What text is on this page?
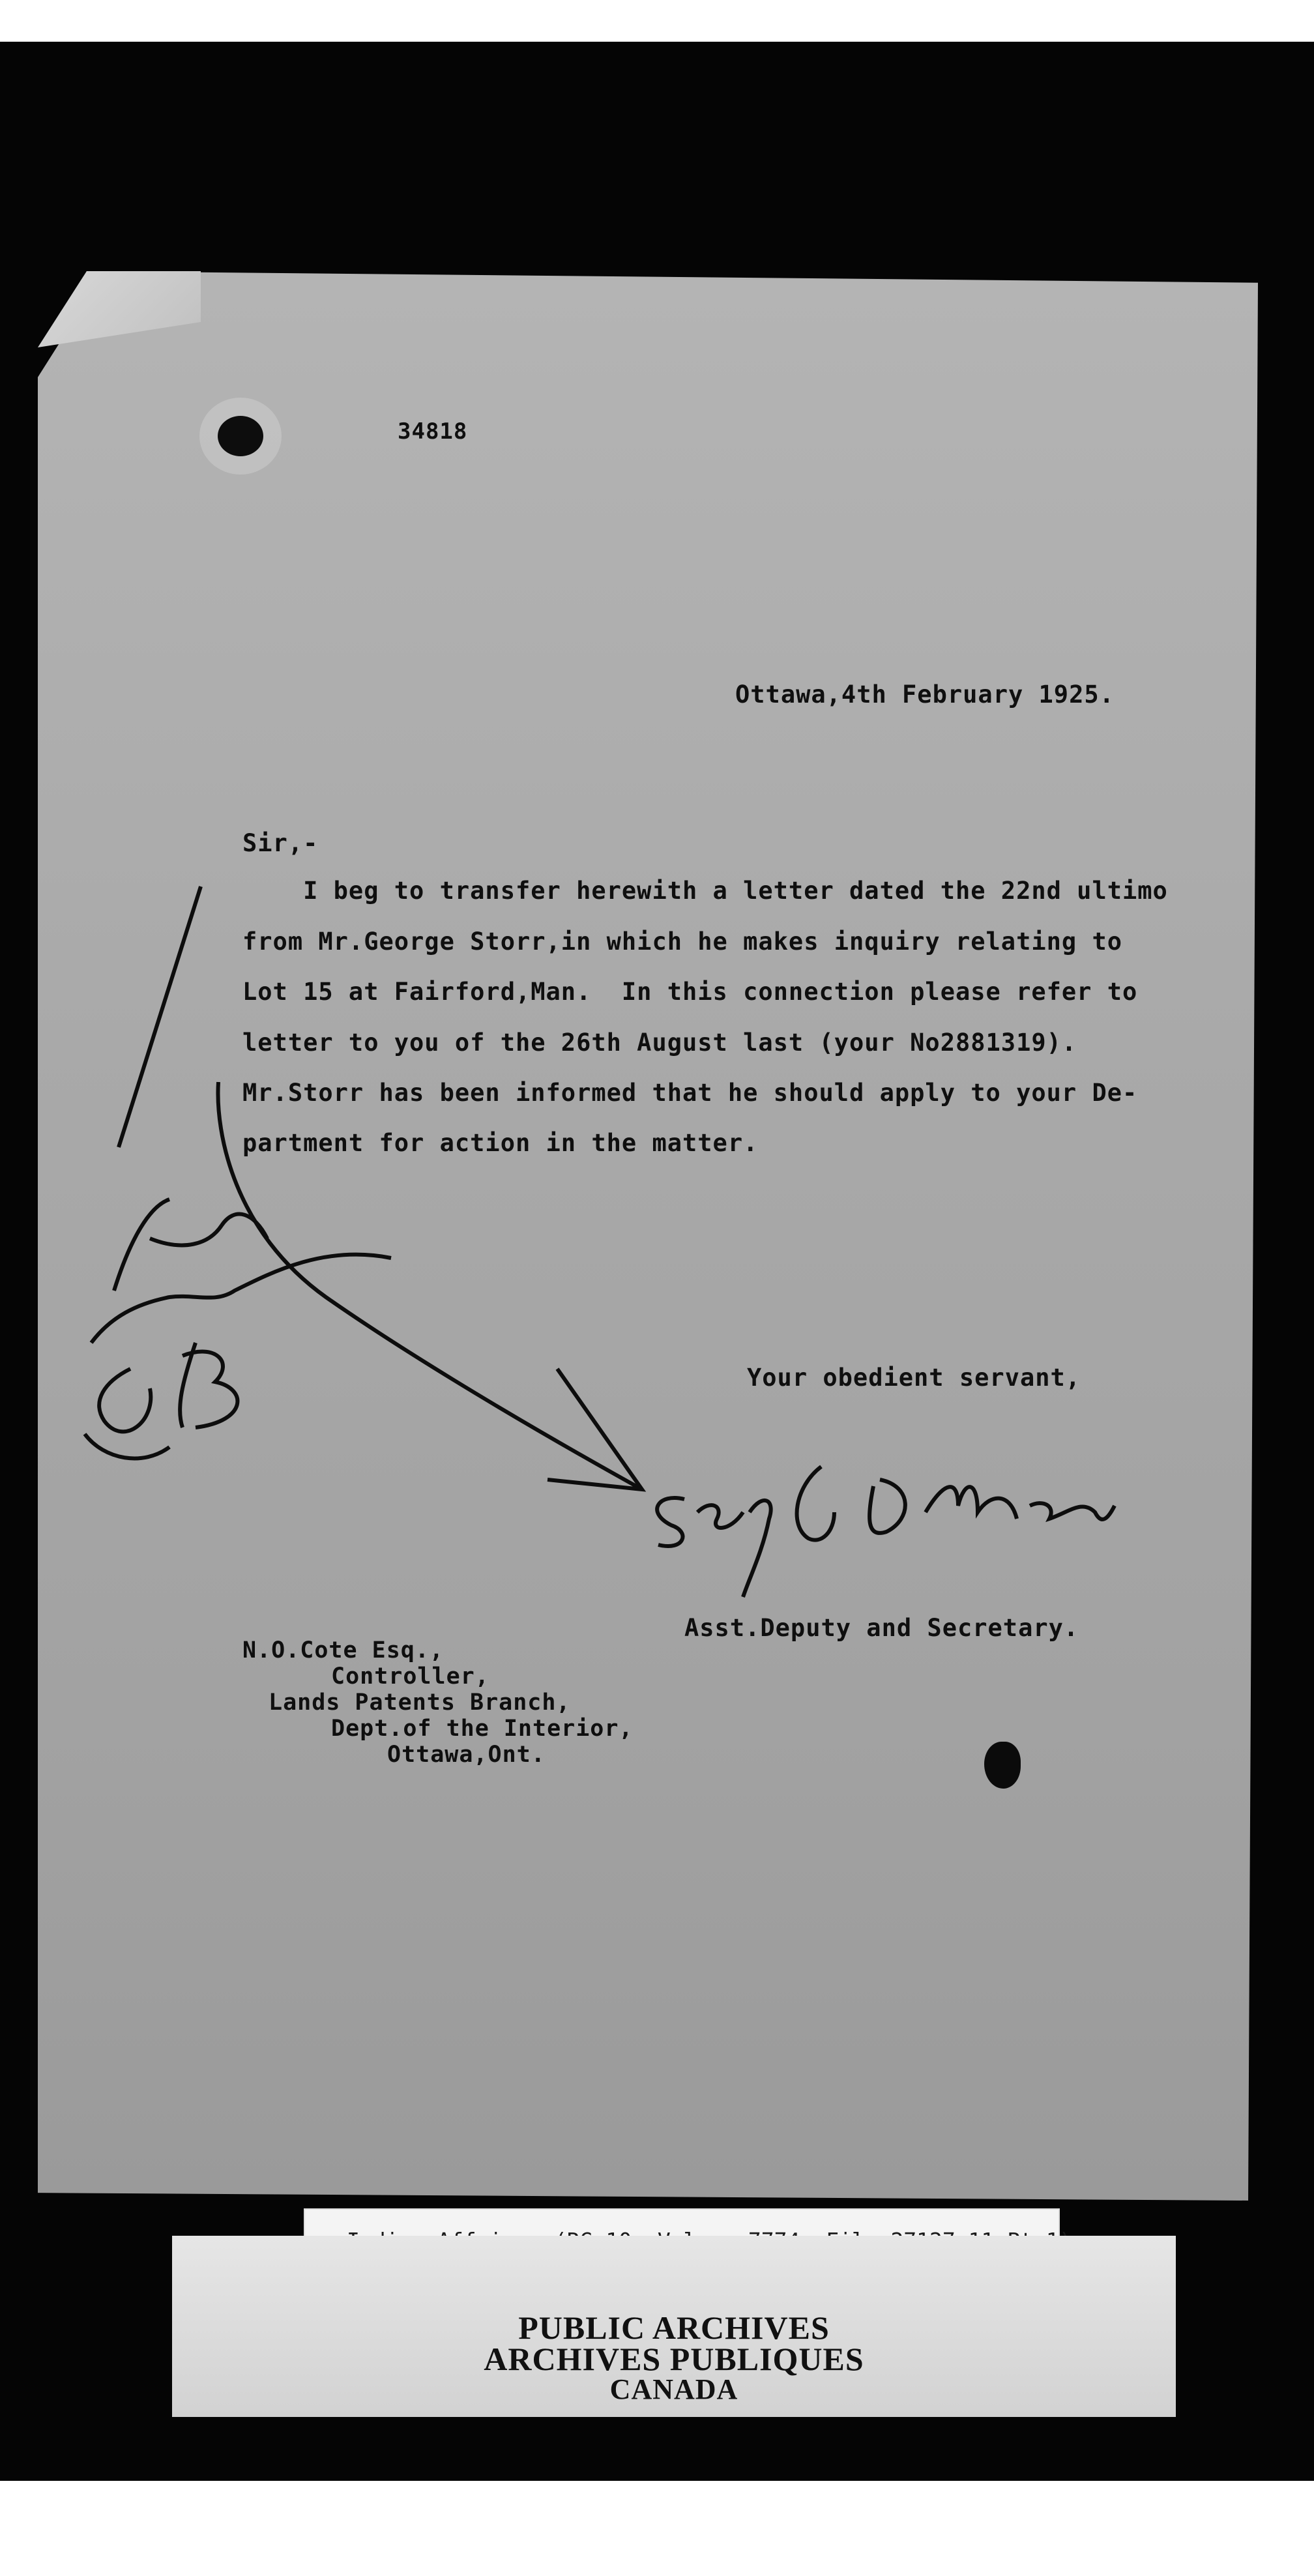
34818
Ottawa,4th February 1925.
Sir,-
I beg to transfer herewith a letter dated the 22nd ultimo
from Mr.George Storr,in which he makes inquiry relating to
Lot 15 at Fairford,Man.  In this connection please refer to
letter to you of the 26th August last (your No2881319).
Mr.Storr has been informed that he should apply to your De-
partment for action in the matter.
Your obedient servant,
Asst.Deputy and Secretary.
N.O.Cote Esq.,
Controller,
Lands Patents Branch,
Dept.of the Interior,
Ottawa,Ont.
PUBLIC ARCHIVES
ARCHIVES PUBLIQUES
CANADA
